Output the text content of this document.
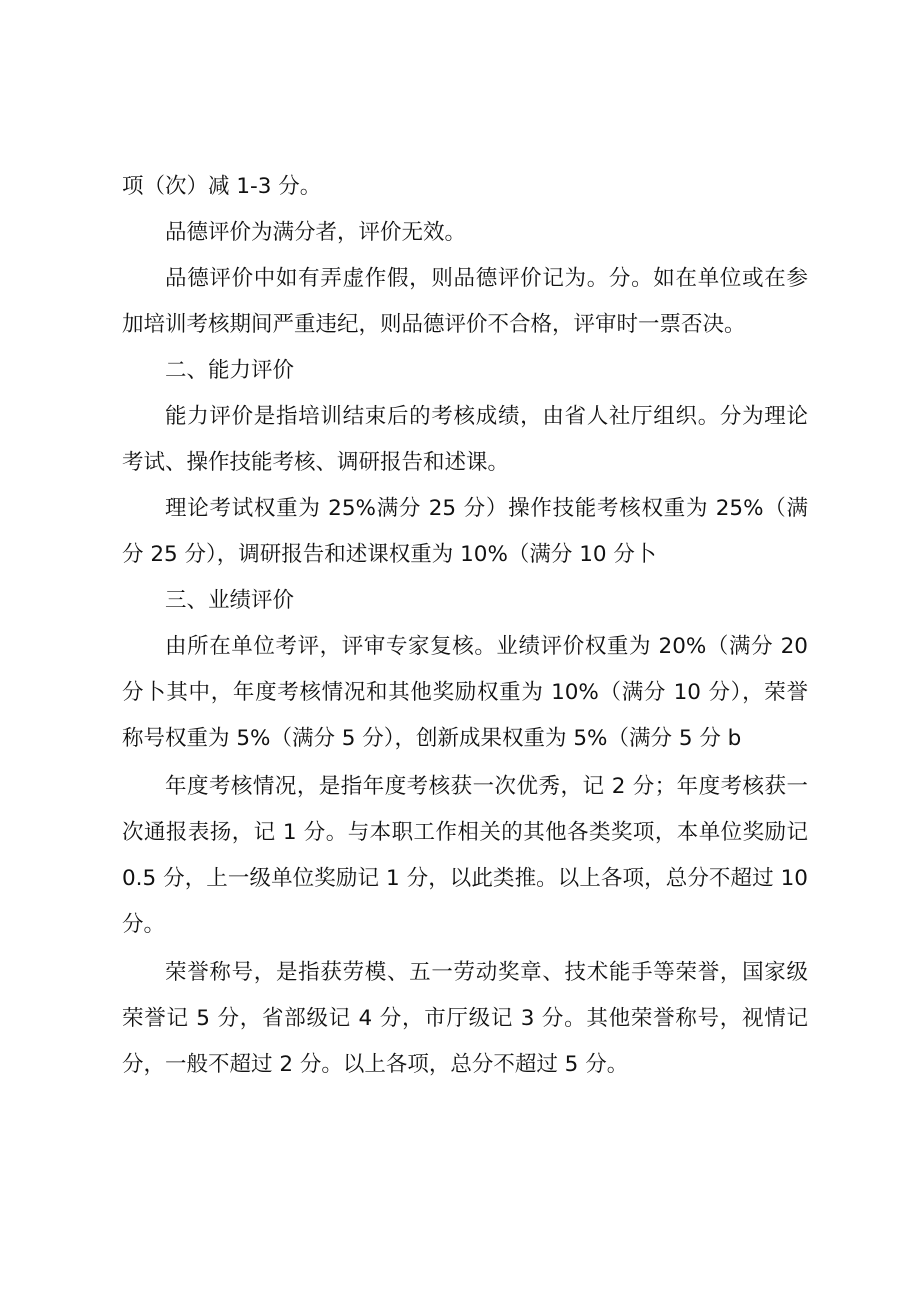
项（次）减 1-3 分。

品德评价为满分者，评价无效。

品德评价中如有弄虚作假，则品德评价记为。分。如在单位或在参加培训考核期间严重违纪，则品德评价不合格，评审时一票否决。

二、能力评价

能力评价是指培训结束后的考核成绩，由省人社厅组织。分为理论考试、操作技能考核、调研报告和述课。

理论考试权重为 25%满分 25 分）操作技能考核权重为 25%（满分 25 分），调研报告和述课权重为 10%（满分 10 分卜

三、业绩评价

由所在单位考评，评审专家复核。业绩评价权重为 20%（满分 20 分卜其中，年度考核情况和其他奖励权重为 10%（满分 10 分），荣誉称号权重为 5%（满分 5 分），创新成果权重为 5%（满分 5 分 b

年度考核情况，是指年度考核获一次优秀，记 2 分；年度考核获一次通报表扬，记 1 分。与本职工作相关的其他各类奖项，本单位奖励记 0.5 分，上一级单位奖励记 1 分，以此类推。以上各项，总分不超过 10 分。

荣誉称号，是指获劳模、五一劳动奖章、技术能手等荣誉，国家级荣誉记 5 分，省部级记 4 分，市厅级记 3 分。其他荣誉称号，视情记分，一般不超过 2 分。以上各项，总分不超过 5 分。
